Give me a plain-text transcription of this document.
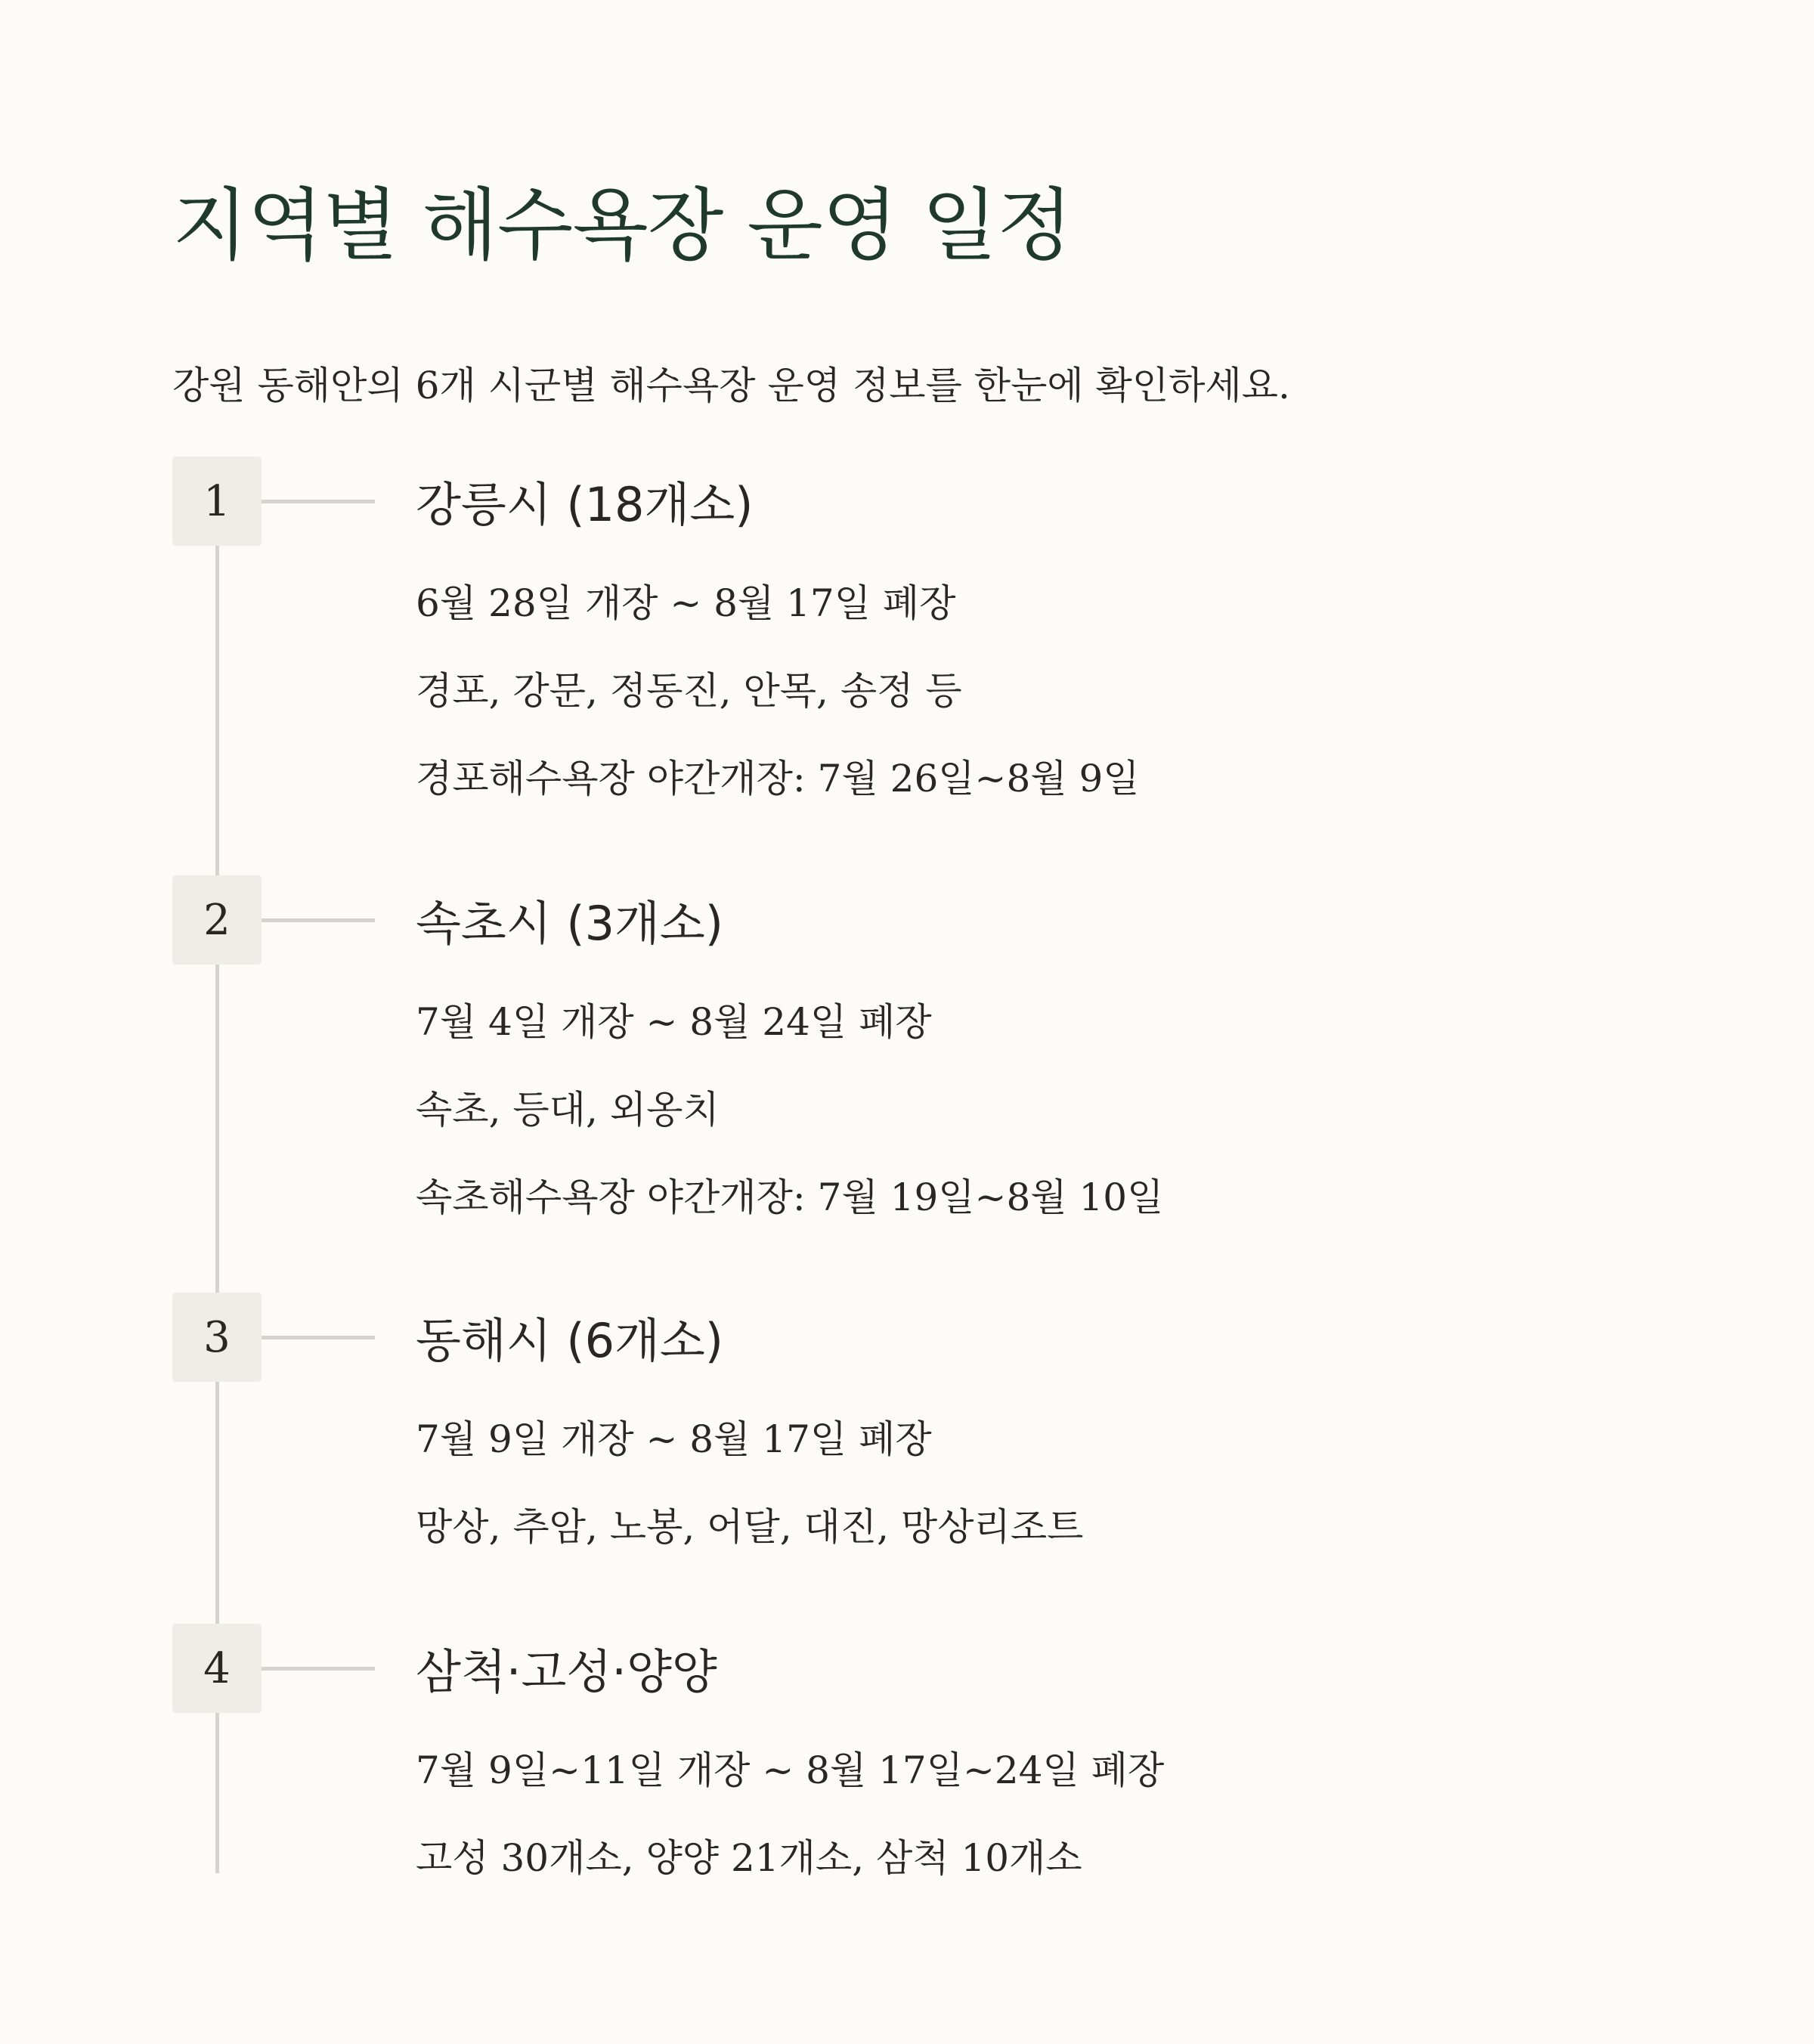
지역별 해수욕장 운영 일정

강원 동해안의 6개 시군별 해수욕장 운영 정보를 한눈에 확인하세요.

1	강릉시 (18개소)
6월 28일 개장 ~ 8월 17일 폐장
경포, 강문, 정동진, 안목, 송정 등
경포해수욕장 야간개장: 7월 26일~8월 9일
2	속초시 (3개소)
7월 4일 개장 ~ 8월 24일 폐장
속초, 등대, 외옹치
속초해수욕장 야간개장: 7월 19일~8월 10일
3	동해시 (6개소)
7월 9일 개장 ~ 8월 17일 폐장
망상, 추암, 노봉, 어달, 대진, 망상리조트
4	삼척·고성·양양
7월 9일~11일 개장 ~ 8월 17일~24일 폐장
고성 30개소, 양양 21개소, 삼척 10개소
